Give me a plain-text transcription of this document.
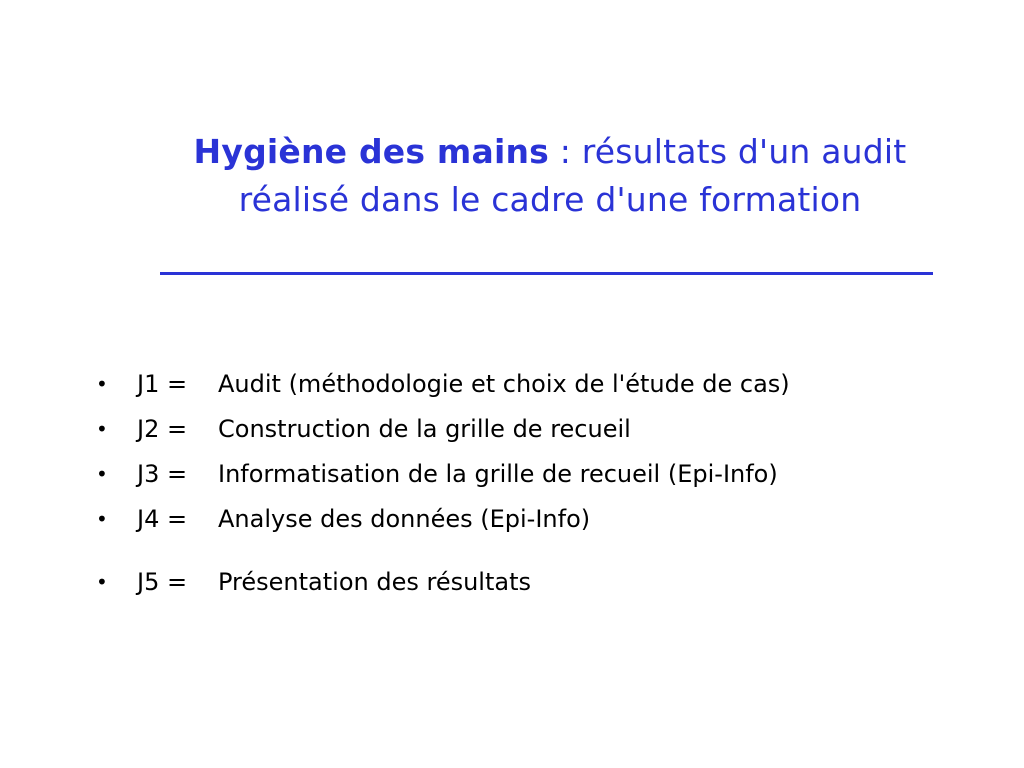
Hygiène des mains : résultats d'un audit
réalisé dans le cadre d'une formation
•	J1 = Audit (méthodologie et choix de l'étude de cas)
•	J2 = Construction de la grille de recueil
•	J3 = Informatisation de la grille de recueil (Epi-Info)
•	J4 = Analyse des données (Epi-Info)
•	J5 = Présentation des résultats
